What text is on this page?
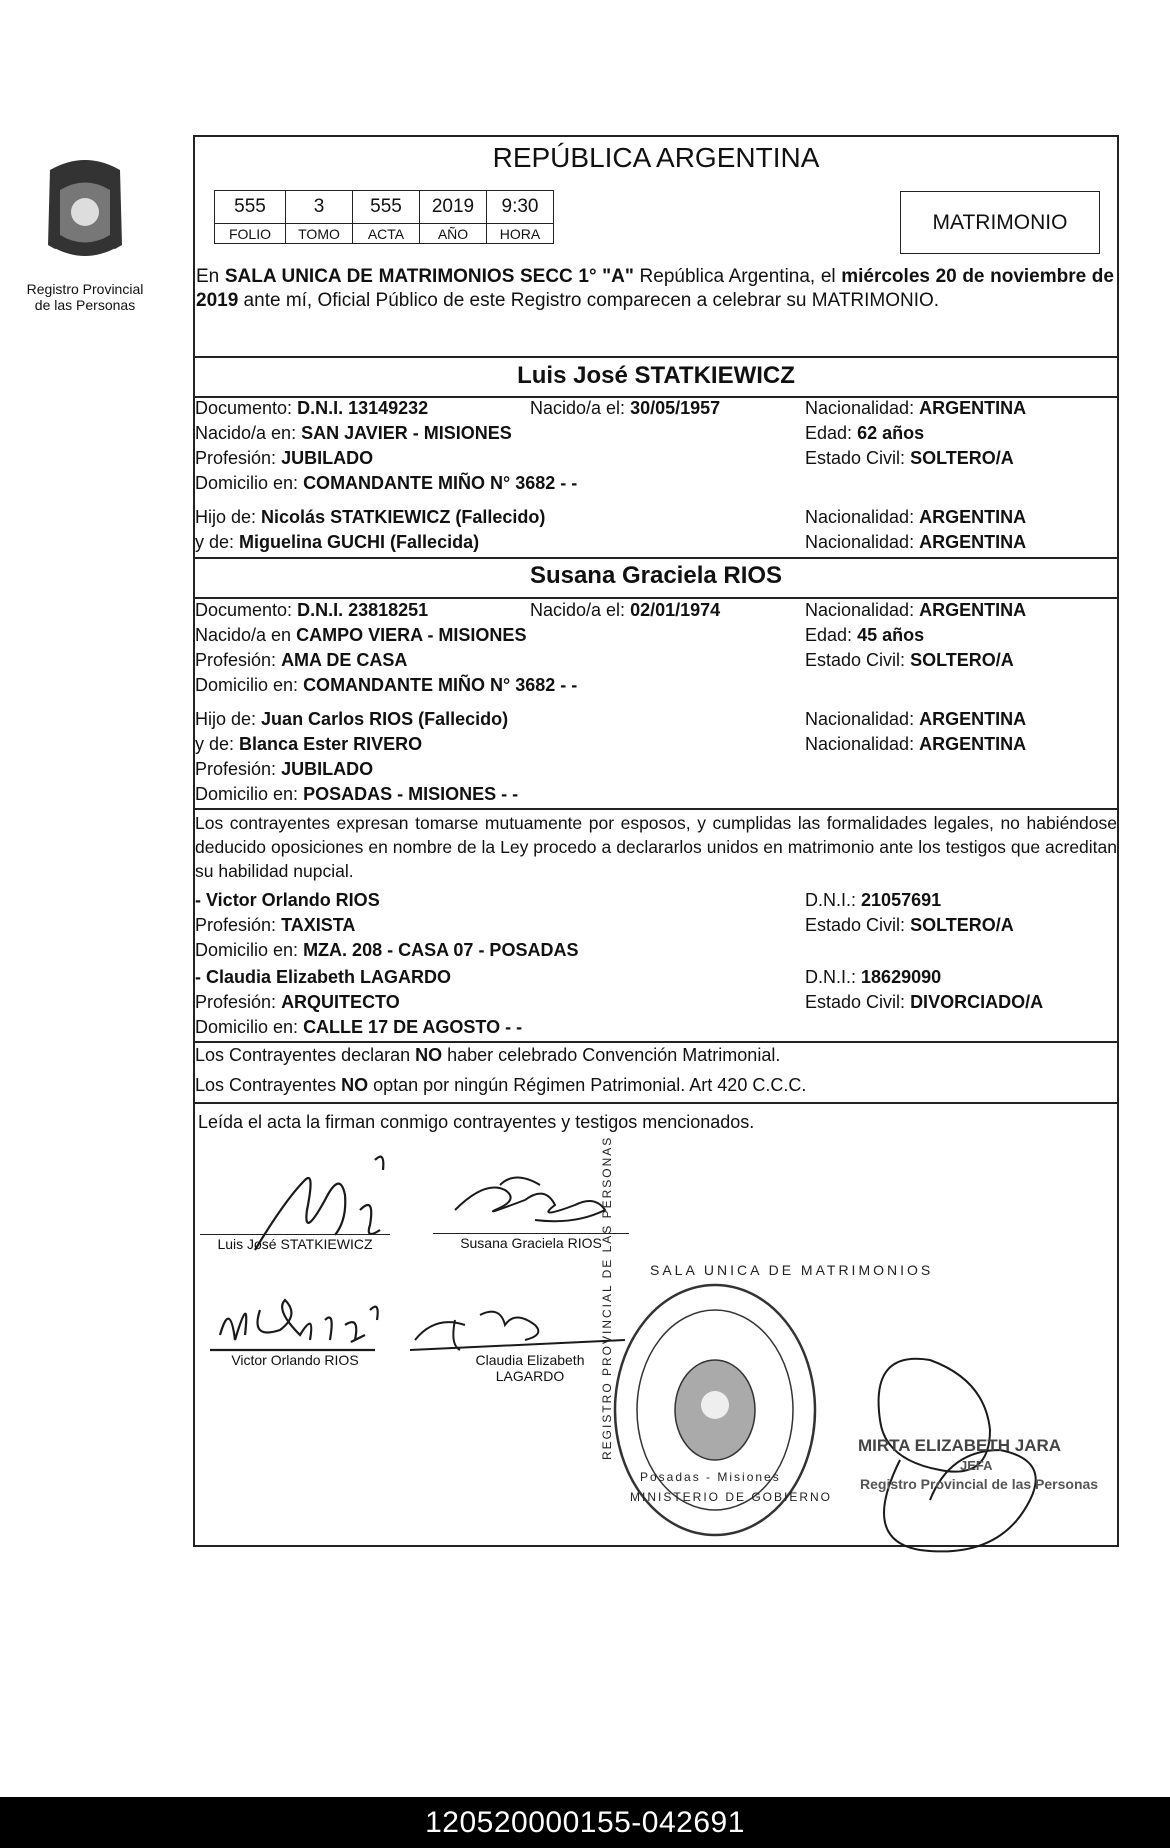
Registro Provincial
de las Personas
REPÚBLICA ARGENTINA
555	3	555	2019	9:30
FOLIO	TOMO	ACTA	AÑO	HORA	MATRIMONIO
En SALA UNICA DE MATRIMONIOS SECC 1° "A" República Argentina, el miércoles 20 de noviembre de 2019 ante mí, Oficial Público de este Registro comparecen a celebrar su MATRIMONIO.
Luis José STATKIEWICZ
Documento: D.N.I. 13149232	Nacido/a el: 30/05/1957	Nacionalidad: ARGENTINA
Nacido/a en: SAN JAVIER - MISIONES	Edad: 62 años
Profesión: JUBILADO	Estado Civil: SOLTERO/A
Domicilio en: COMANDANTE MIÑO N° 3682 - -
Hijo de: Nicolás STATKIEWICZ (Fallecido)	Nacionalidad: ARGENTINA
y de: Miguelina GUCHI (Fallecida)	Nacionalidad: ARGENTINA
Susana Graciela RIOS
Documento: D.N.I. 23818251	Nacido/a el: 02/01/1974	Nacionalidad: ARGENTINA
Nacido/a en CAMPO VIERA - MISIONES	Edad: 45 años
Profesión: AMA DE CASA	Estado Civil: SOLTERO/A
Domicilio en: COMANDANTE MIÑO N° 3682 - -
Hijo de: Juan Carlos RIOS (Fallecido)	Nacionalidad: ARGENTINA
y de: Blanca Ester RIVERO	Nacionalidad: ARGENTINA
Profesión: JUBILADO
Domicilio en: POSADAS - MISIONES - -
Los contrayentes expresan tomarse mutuamente por esposos, y cumplidas las formalidades legales, no habiéndose deducido oposiciones en nombre de la Ley procedo a declararlos unidos en matrimonio ante los testigos que acreditan su habilidad nupcial.
- Victor Orlando RIOS	D.N.I.: 21057691
Profesión: TAXISTA	Estado Civil: SOLTERO/A
Domicilio en: MZA. 208 - CASA 07 - POSADAS
- Claudia Elizabeth LAGARDO	D.N.I.: 18629090
Profesión: ARQUITECTO	Estado Civil: DIVORCIADO/A
Domicilio en: CALLE 17 DE AGOSTO - -
Los Contrayentes declaran NO haber celebrado Convención Matrimonial.
Los Contrayentes NO optan por ningún Régimen Patrimonial. Art 420 C.C.C.
Leída el acta la firman conmigo contrayentes y testigos mencionados.
Luis José STATKIEWICZ	Susana Graciela RIOS
Victor Orlando RIOS	Claudia Elizabeth
LAGARDO
SALA UNICA DE MATRIMONIOS
Posadas - Misiones
MINISTERIO DE GOBIERNO
REGISTRO PROVINCIAL DE LAS PERSONAS	MIRTA ELIZABETH JARA
JEFA
Registro Provincial de las Personas
120520000155-042691
